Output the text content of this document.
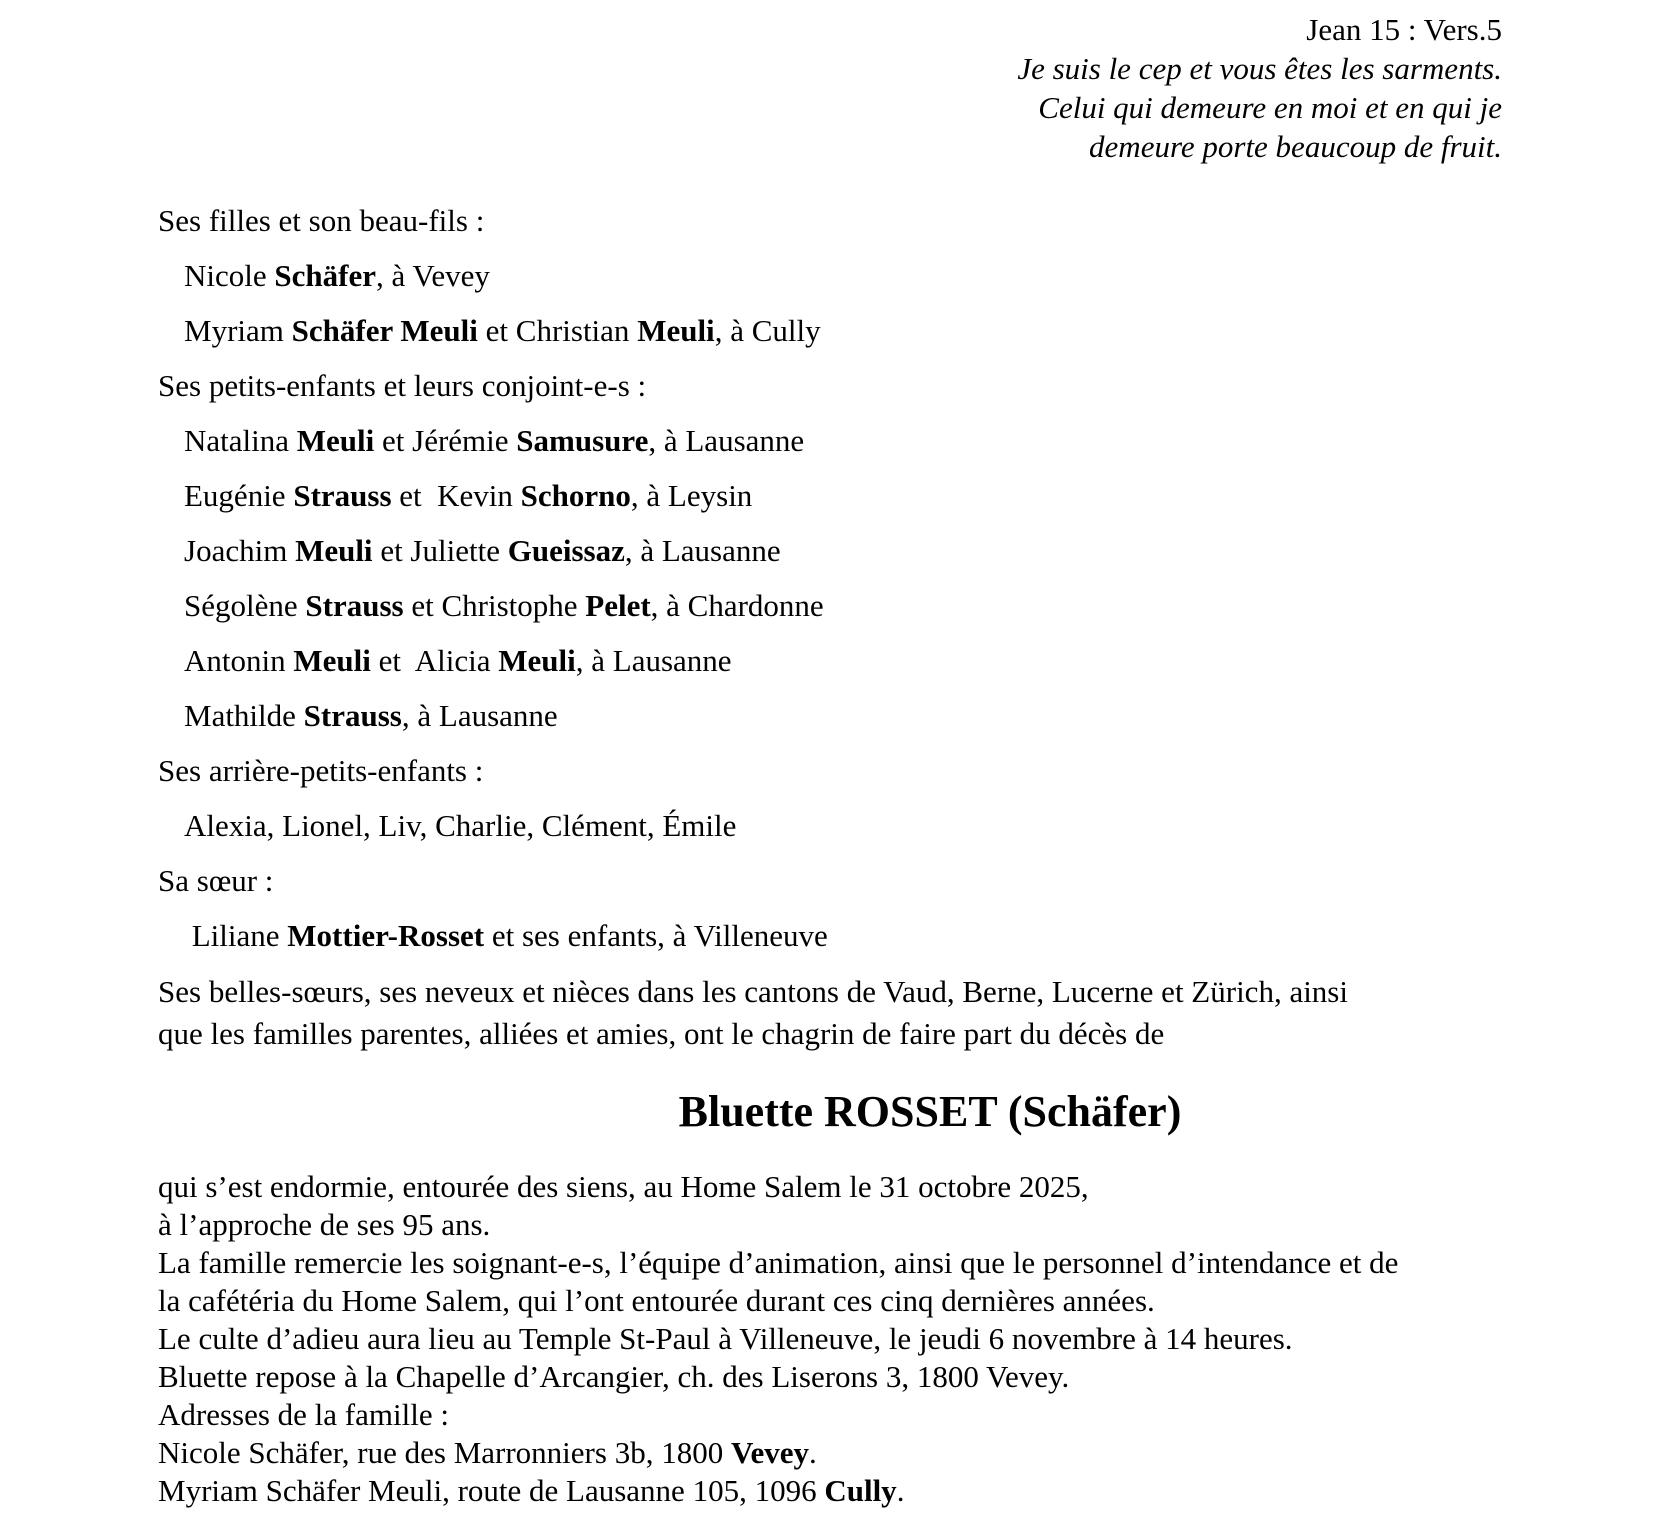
Jean 15 : Vers.5
Je suis le cep et vous êtes les sarments.
Celui qui demeure en moi et en qui je
demeure porte beaucoup de fruit.
Ses filles et son beau-fils :
Nicole Schäfer, à Vevey
Myriam Schäfer Meuli et Christian Meuli, à Cully
Ses petits-enfants et leurs conjoint-e-s :
Natalina Meuli et Jérémie Samusure, à Lausanne
Eugénie Strauss et  Kevin Schorno, à Leysin
Joachim Meuli et Juliette Gueissaz, à Lausanne
Ségolène Strauss et Christophe Pelet, à Chardonne
Antonin Meuli et  Alicia Meuli, à Lausanne
Mathilde Strauss, à Lausanne
Ses arrière-petits-enfants :
Alexia, Lionel, Liv, Charlie, Clément, Émile
Sa sœur :
Liliane Mottier-Rosset et ses enfants, à Villeneuve
Ses belles-sœurs, ses neveux et nièces dans les cantons de Vaud, Berne, Lucerne et Zürich, ainsi
que les familles parentes, alliées et amies, ont le chagrin de faire part du décès de
Bluette ROSSET (Schäfer)
qui s’est endormie, entourée des siens, au Home Salem le 31 octobre 2025,
à l’approche de ses 95 ans.
La famille remercie les soignant-e-s, l’équipe d’animation, ainsi que le personnel d’intendance et de
la cafétéria du Home Salem, qui l’ont entourée durant ces cinq dernières années.
Le culte d’adieu aura lieu au Temple St-Paul à Villeneuve, le jeudi 6 novembre à 14 heures.
Bluette repose à la Chapelle d’Arcangier, ch. des Liserons 3, 1800 Vevey.
Adresses de la famille :
Nicole Schäfer, rue des Marronniers 3b, 1800 Vevey.
Myriam Schäfer Meuli, route de Lausanne 105, 1096 Cully.
